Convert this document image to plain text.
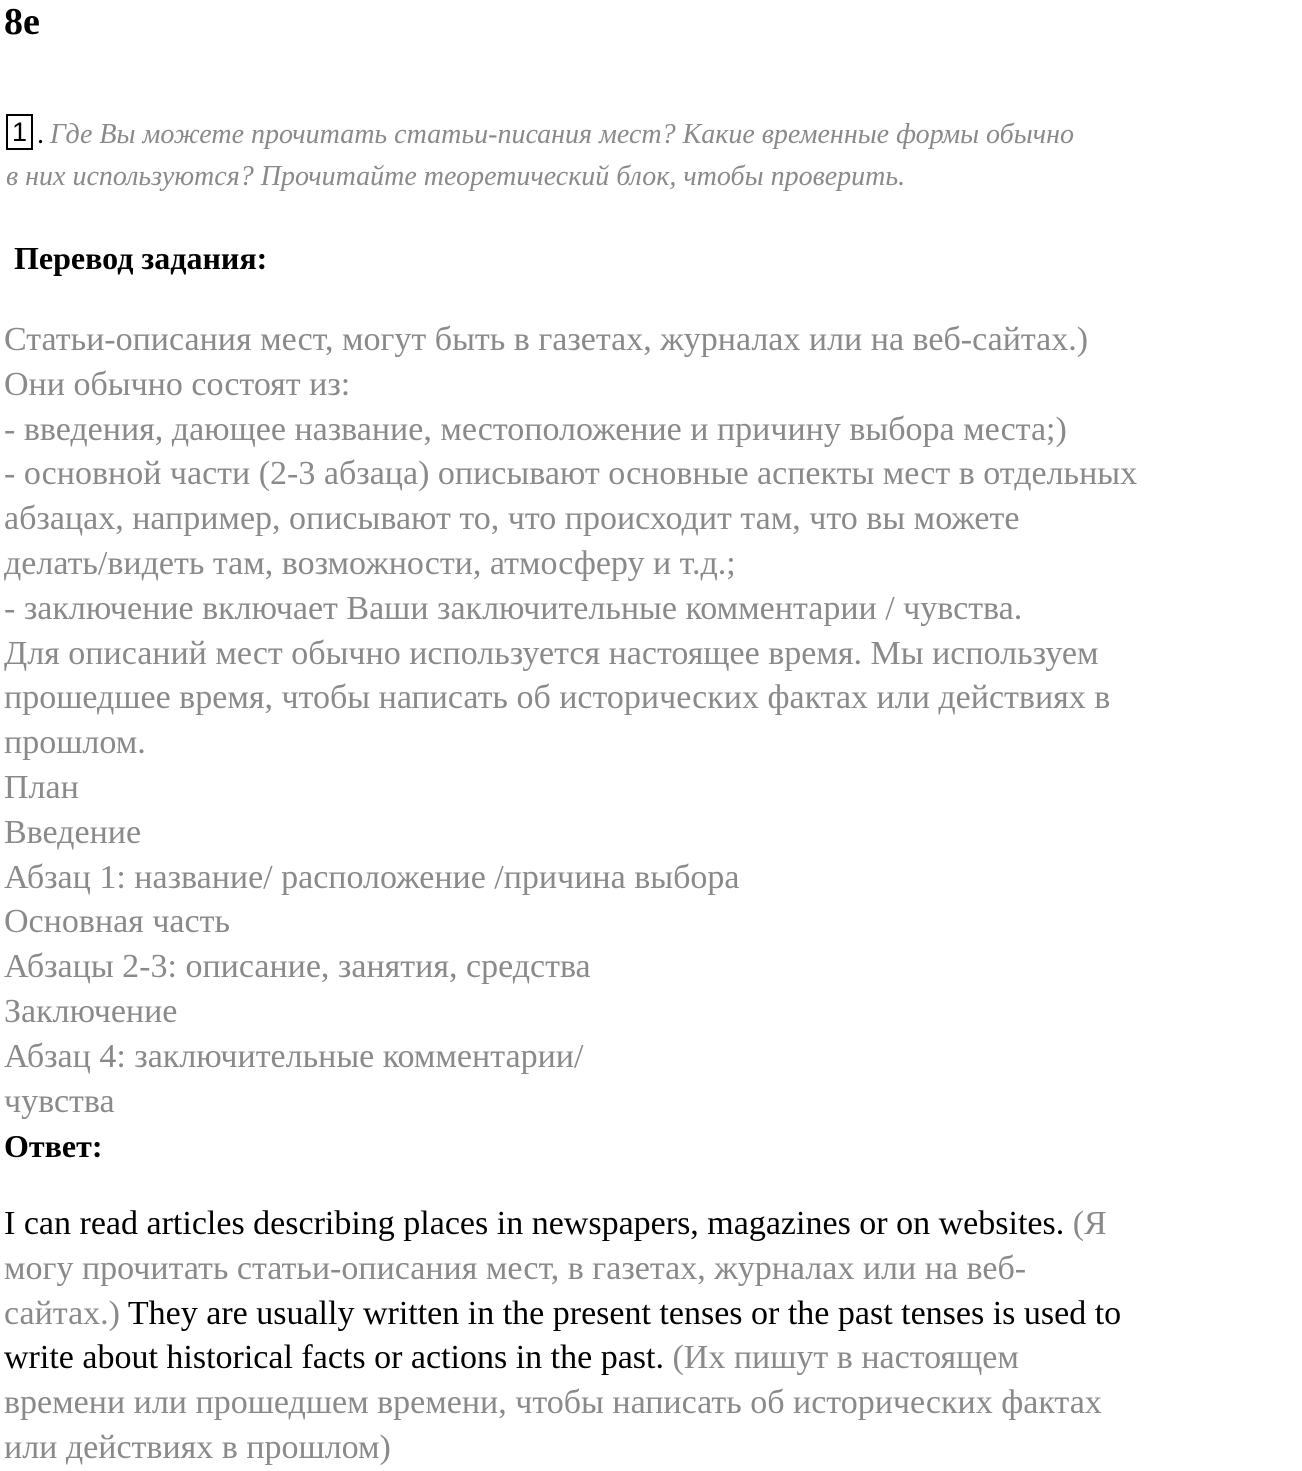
8e
1 . Где Вы можете прочитать статьи-писания мест? Какие временные формы обычно
в них используются? Прочитайте теоретический блок, чтобы проверить.
Перевод задания:
Статьи-описания мест, могут быть в газетах, журналах или на веб-сайтах.)
Они обычно состоят из:
- введения, дающее название, местоположение и причину выбора места;)
- основной части (2-3 абзаца) описывают основные аспекты мест в отдельных
абзацах, например, описывают то, что происходит там, что вы можете
делать/видеть там, возможности, атмосферу и т.д.;
- заключение включает Ваши заключительные комментарии / чувства.
Для описаний мест обычно используется настоящее время. Мы используем
прошедшее время, чтобы написать об исторических фактах или действиях в
прошлом.
План
Введение
Абзац 1: название/ расположение /причина выбора
Основная часть
Абзацы 2-3: описание, занятия, средства
Заключение
Абзац 4: заключительные комментарии/
чувства
Ответ:
I can read articles describing places in newspapers, magazines or on websites. (Я
могу прочитать статьи-описания мест, в газетах, журналах или на веб-
сайтах.) They are usually written in the present tenses or the past tenses is used to
write about historical facts or actions in the past. (Их пишут в настоящем
времени или прошедшем времени, чтобы написать об исторических фактах
или действиях в прошлом)
